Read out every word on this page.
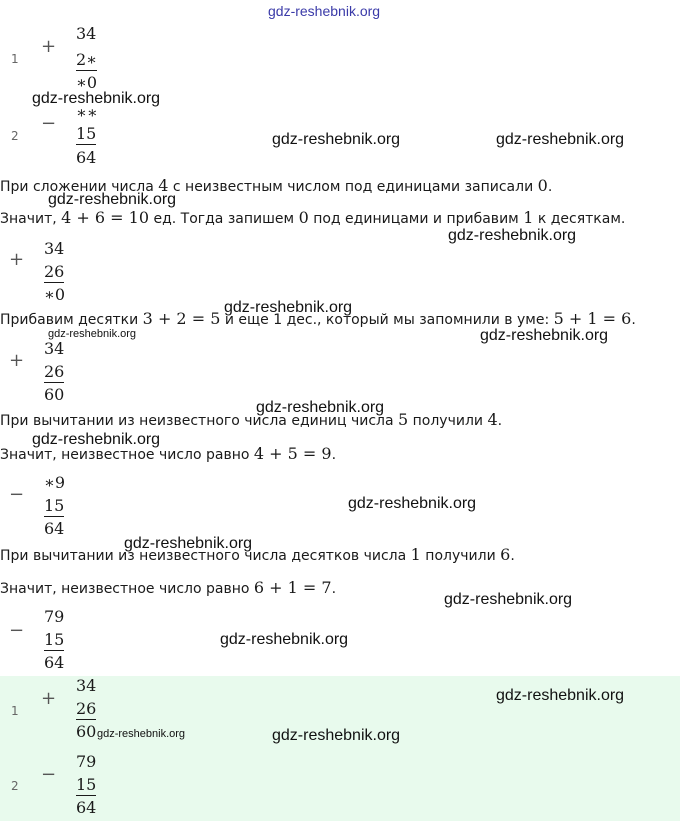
gdz-reshebnik.org
1
+
34
2∗
∗0
2
−
∗∗
15
64
При сложении числа 4 с неизвестным числом под единицами записали 0.
Значит, 4 + 6 = 10 ед. Тогда запишем 0 под единицами и прибавим 1 к десяткам.
+
34
26
∗0
Прибавим десятки 3 + 2 = 5 и еще 1 дес., который мы запомнили в уме: 5 + 1 = 6.
+
34
26
60
При вычитании из неизвестного числа единиц числа 5 получили 4.
Значит, неизвестное число равно 4 + 5 = 9.
−
∗9
15
64
При вычитании из неизвестного числа десятков числа 1 получили 6.
Значит, неизвестное число равно 6 + 1 = 7.
−
79
15
64
1
+
34
26
60
2
−
79
15
64
gdz-reshebnik.org
gdz-reshebnik.org	gdz-reshebnik.org
gdz-reshebnik.org
gdz-reshebnik.org
gdz-reshebnik.org
gdz-reshebnik.org	gdz-reshebnik.org
gdz-reshebnik.org
gdz-reshebnik.org
gdz-reshebnik.org
gdz-reshebnik.org
gdz-reshebnik.org
gdz-reshebnik.org
gdz-reshebnik.org
gdz-reshebnik.org	gdz-reshebnik.org
